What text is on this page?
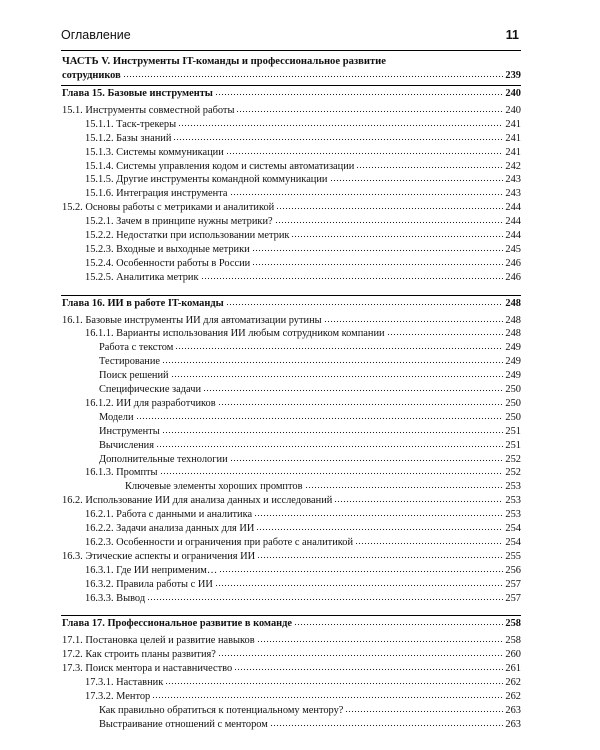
Оглавление	11
ЧАСТЬ V. Инструменты IT-команды и профессиональное развитие
сотрудников	239
Глава 15. Базовые инструменты	240
15.1. Инструменты совместной работы	240
15.1.1. Таск-трекеры	241
15.1.2. Базы знаний	241
15.1.3. Системы коммуникации	241
15.1.4. Системы управления кодом и системы автоматизации	242
15.1.5. Другие инструменты командной коммуникации	243
15.1.6. Интеграция инструмента	243
15.2. Основы работы с метриками и аналитикой	244
15.2.1. Зачем в принципе нужны метрики?	244
15.2.2. Недостатки при использовании метрик	244
15.2.3. Входные и выходные метрики	245
15.2.4. Особенности работы в России	246
15.2.5. Аналитика метрик	246
Глава 16. ИИ в работе IT-команды	248
16.1. Базовые инструменты ИИ для автоматизации рутины	248
16.1.1. Варианты использования ИИ любым сотрудником компании	248
Работа с текстом	249
Тестирование	249
Поиск решений	249
Специфические задачи	250
16.1.2. ИИ для разработчиков	250
Модели	250
Инструменты	251
Вычисления	251
Дополнительные технологии	252
16.1.3. Промпты	252
Ключевые элементы хороших промптов	253
16.2. Использование ИИ для анализа данных и исследований	253
16.2.1. Работа с данными и аналитика	253
16.2.2. Задачи анализа данных для ИИ	254
16.2.3. Особенности и ограничения при работе с аналитикой	254
16.3. Этические аспекты и ограничения ИИ	255
16.3.1. Где ИИ неприменим…	256
16.3.2. Правила работы с ИИ	257
16.3.3. Вывод	257
Глава 17. Профессиональное развитие в команде	258
17.1. Постановка целей и развитие навыков	258
17.2. Как строить планы развития?	260
17.3. Поиск ментора и наставничество	261
17.3.1. Наставник	262
17.3.2. Ментор	262
Как правильно обратиться к потенциальному ментору?	263
Выстраивание отношений с ментором	263
